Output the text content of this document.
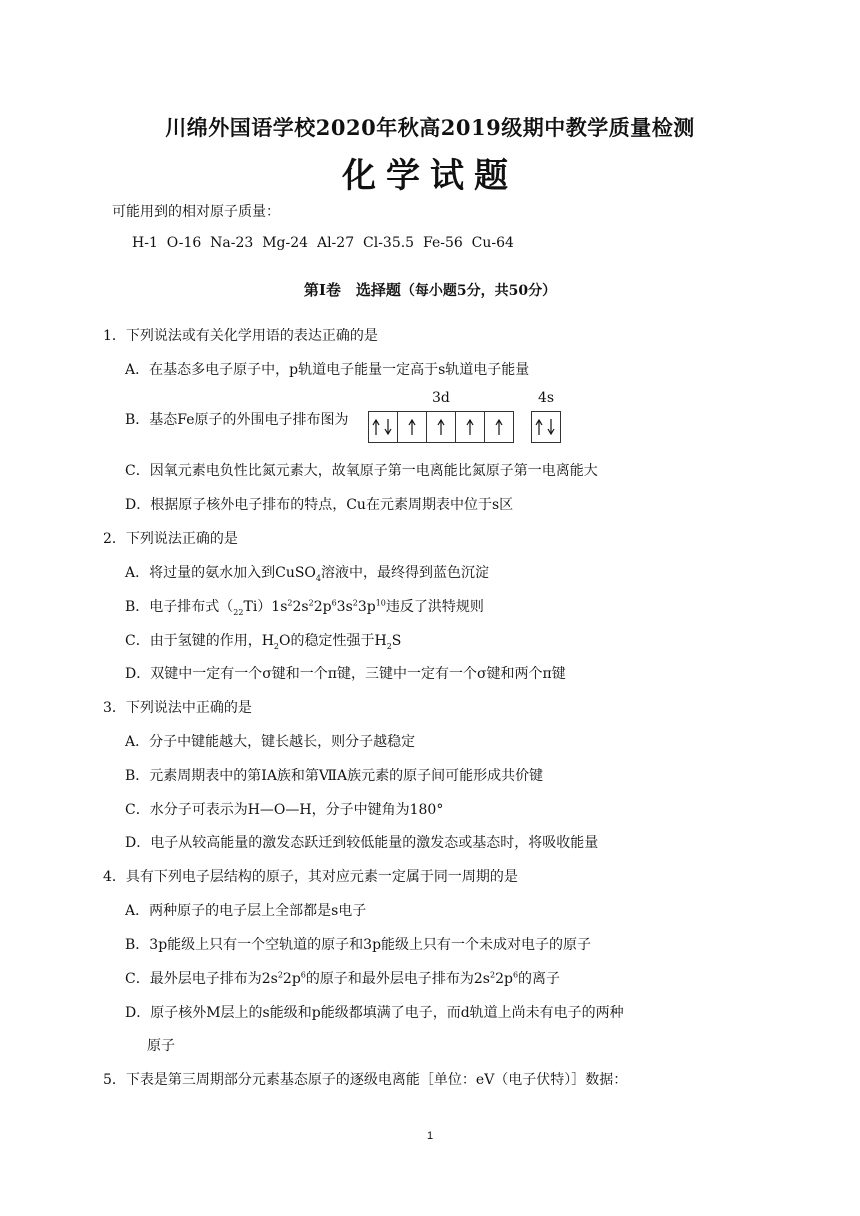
川绵外国语学校2020年秋高2019级期中教学质量检测
化学试题
可能用到的相对原子质量：
H-1  O-16  Na-23  Mg-24  Al-27  Cl-35.5  Fe-56  Cu-64
第Ⅰ卷　选择题（每小题5分，共50分）
1．下列说法或有关化学用语的表达正确的是
A．在基态多电子原子中，p轨道电子能量一定高于s轨道电子能量
B．基态Fe原子的外围电子排布图为
3d	4s
C．因氧元素电负性比氮元素大，故氧原子第一电离能比氮原子第一电离能大
D．根据原子核外电子排布的特点，Cu在元素周期表中位于s区
2．下列说法正确的是
A．将过量的氨水加入到CuSO$_4$溶液中，最终得到蓝色沉淀
B．电子排布式$(_{22}Ti)1s^22s^22p^63s^23p^{10}$违反了洪特规则
C．由于氢键的作用，$H_2O$的稳定性强于$H_2S$
D．双键中一定有一个σ键和一个π键，三键中一定有一个σ键和两个π键
3．下列说法中正确的是
A．分子中键能越大，键长越长，则分子越稳定
B．元素周期表中的第ⅠA族和第ⅦA族元素的原子间可能形成共价键
C．水分子可表示为H—O—H，分子中键角为180°
D．电子从较高能量的激发态跃迁到较低能量的激发态或基态时，将吸收能量
4．具有下列电子层结构的原子，其对应元素一定属于同一周期的是
A．两种原子的电子层上全部都是s电子
B．3p能级上只有一个空轨道的原子和3p能级上只有一个未成对电子的原子
C．最外层电子排布为$2s^22p^6$的原子和最外层电子排布为$2s^22p^6$的离子
D．原子核外M层上的s能级和p能级都填满了电子，而d轨道上尚未有电子的两种
原子
5．下表是第三周期部分元素基态原子的逐级电离能［单位：eV（电子伏特）］数据：
1
